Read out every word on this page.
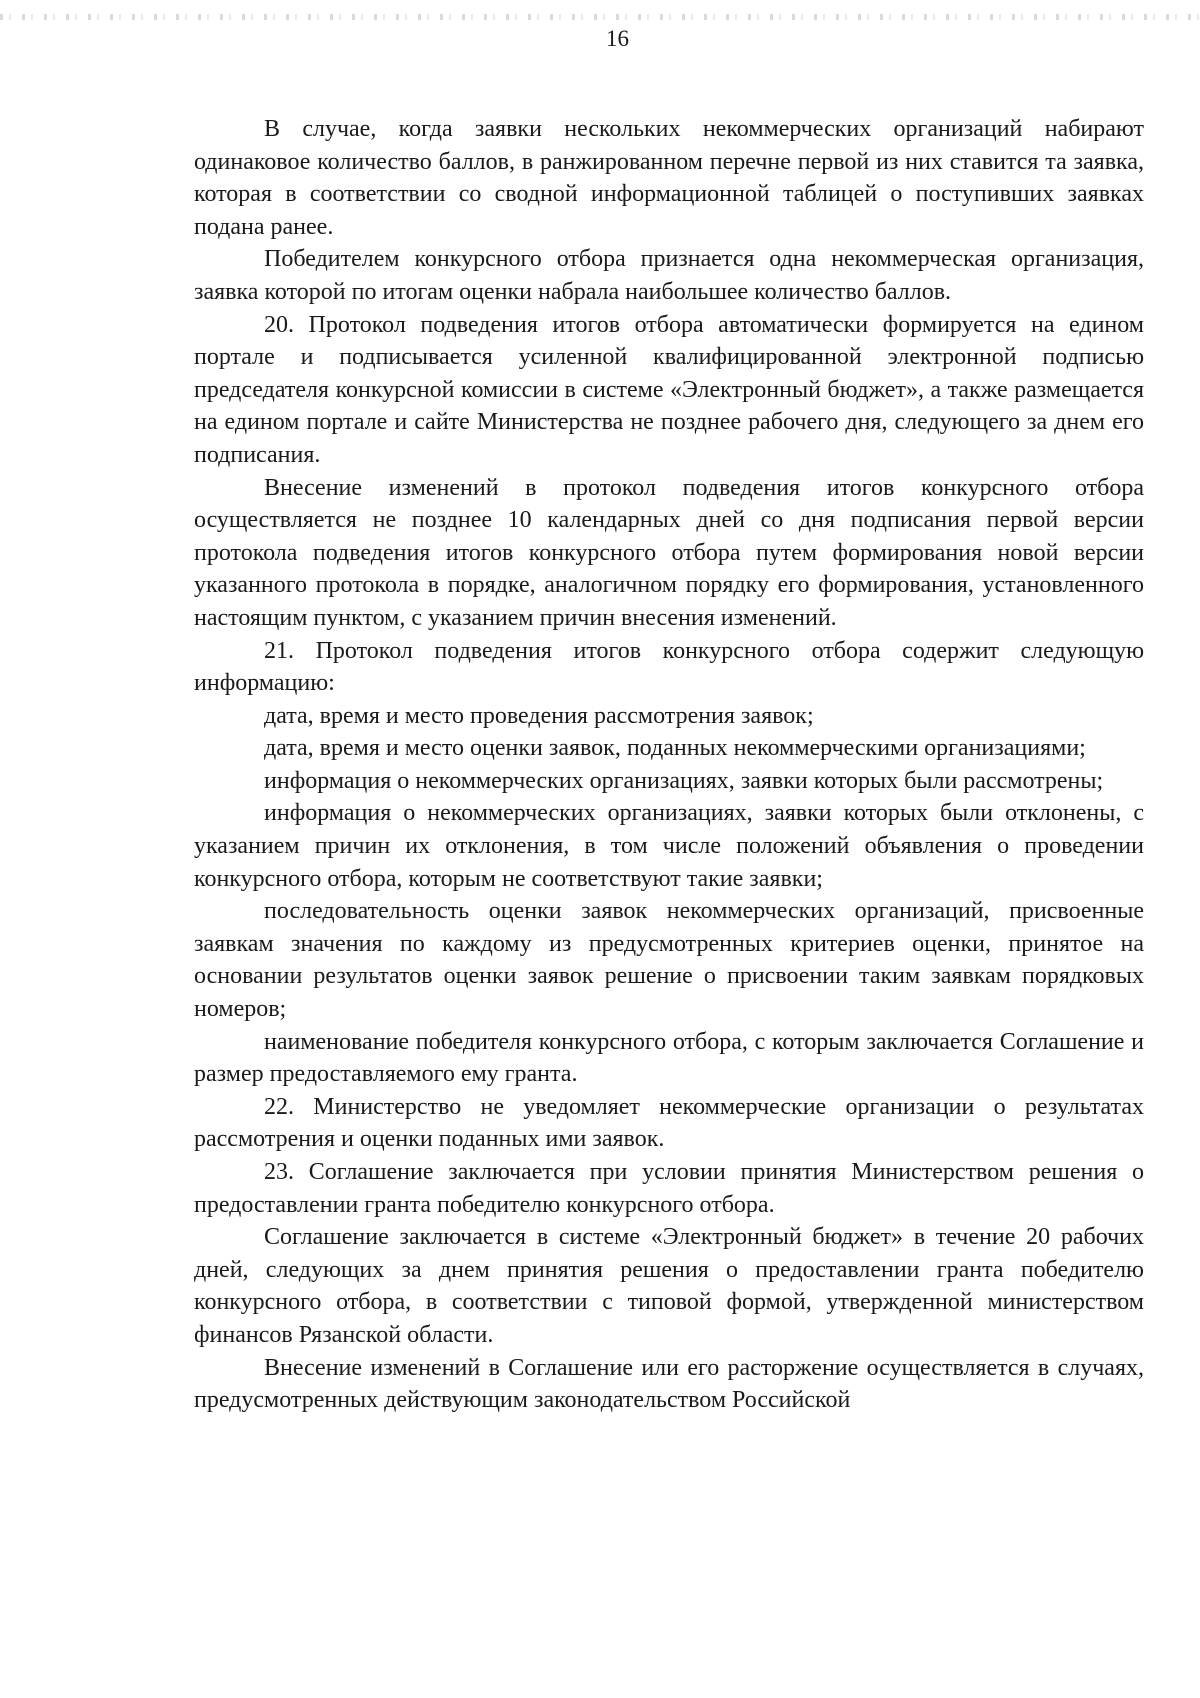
16

В случае, когда заявки нескольких некоммерческих организаций набирают одинаковое количество баллов, в ранжированном перечне первой из них ставится та заявка, которая в соответствии со сводной информационной таблицей о поступивших заявках подана ранее.

Победителем конкурсного отбора признается одна некоммерческая организация, заявка которой по итогам оценки набрала наибольшее количество баллов.

20. Протокол подведения итогов отбора автоматически формируется на едином портале и подписывается усиленной квалифицированной электронной подписью председателя конкурсной комиссии в системе «Электронный бюджет», а также размещается на едином портале и сайте Министерства не позднее рабочего дня, следующего за днем его подписания.

Внесение изменений в протокол подведения итогов конкурсного отбора осуществляется не позднее 10 календарных дней со дня подписания первой версии протокола подведения итогов конкурсного отбора путем формирования новой версии указанного протокола в порядке, аналогичном порядку его формирования, установленного настоящим пунктом, с указанием причин внесения изменений.

21. Протокол подведения итогов конкурсного отбора содержит следующую информацию:

дата, время и место проведения рассмотрения заявок;

дата, время и место оценки заявок, поданных некоммерческими организациями;

информация о некоммерческих организациях, заявки которых были рассмотрены;

информация о некоммерческих организациях, заявки которых были отклонены, с указанием причин их отклонения, в том числе положений объявления о проведении конкурсного отбора, которым не соответствуют такие заявки;

последовательность оценки заявок некоммерческих организаций, присвоенные заявкам значения по каждому из предусмотренных критериев оценки, принятое на основании результатов оценки заявок решение о присвоении таким заявкам порядковых номеров;

наименование победителя конкурсного отбора, с которым заключается Соглашение и размер предоставляемого ему гранта.

22. Министерство не уведомляет некоммерческие организации о результатах рассмотрения и оценки поданных ими заявок.

23. Соглашение заключается при условии принятия Министерством решения о предоставлении гранта победителю конкурсного отбора.

Соглашение заключается в системе «Электронный бюджет» в течение 20 рабочих дней, следующих за днем принятия решения о предоставлении гранта победителю конкурсного отбора, в соответствии с типовой формой, утвержденной министерством финансов Рязанской области.

Внесение изменений в Соглашение или его расторжение осуществляется в случаях, предусмотренных действующим законодательством Российской
